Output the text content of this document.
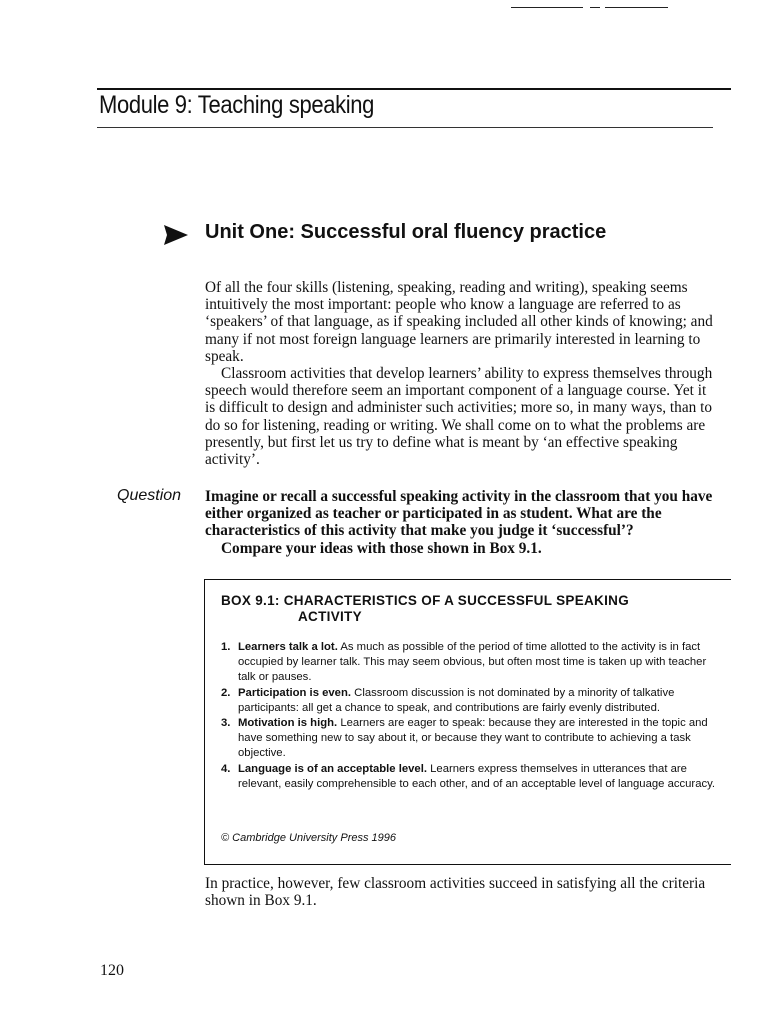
Module 9: Teaching speaking
Unit One: Successful oral fluency practice

Of all the four skills (listening, speaking, reading and writing), speaking seems intuitively the most important: people who know a language are referred to as ‘speakers’ of that language, as if speaking included all other kinds of knowing; and many if not most foreign language learners are primarily interested in learning to speak.

Classroom activities that develop learners’ ability to express themselves through speech would therefore seem an important component of a language course. Yet it is difficult to design and administer such activities; more so, in many ways, than to do so for listening, reading or writing. We shall come on to what the problems are presently, but first let us try to define what is meant by ‘an effective speaking activity’.

Question Imagine or recall a successful speaking activity in the classroom that you have either organized as teacher or participated in as student. What are the characteristics of this activity that make you judge it ‘successful’?

Compare your ideas with those shown in Box 9.1.

BOX 9.1: CHARACTERISTICS OF A SUCCESSFUL SPEAKING
ACTIVITY
1. Learners talk a lot. As much as possible of the period of time allotted to the activity is in fact occupied by learner talk. This may seem obvious, but often most time is taken up with teacher talk or pauses.
2. Participation is even. Classroom discussion is not dominated by a minority of talkative participants: all get a chance to speak, and contributions are fairly evenly distributed.
3. Motivation is high. Learners are eager to speak: because they are interested in the topic and have something new to say about it, or because they want to contribute to achieving a task objective.
4. Language is of an acceptable level. Learners express themselves in utterances that are relevant, easily comprehensible to each other, and of an acceptable level of language accuracy.

© Cambridge University Press 1996

In practice, however, few classroom activities succeed in satisfying all the criteria shown in Box 9.1.

120
